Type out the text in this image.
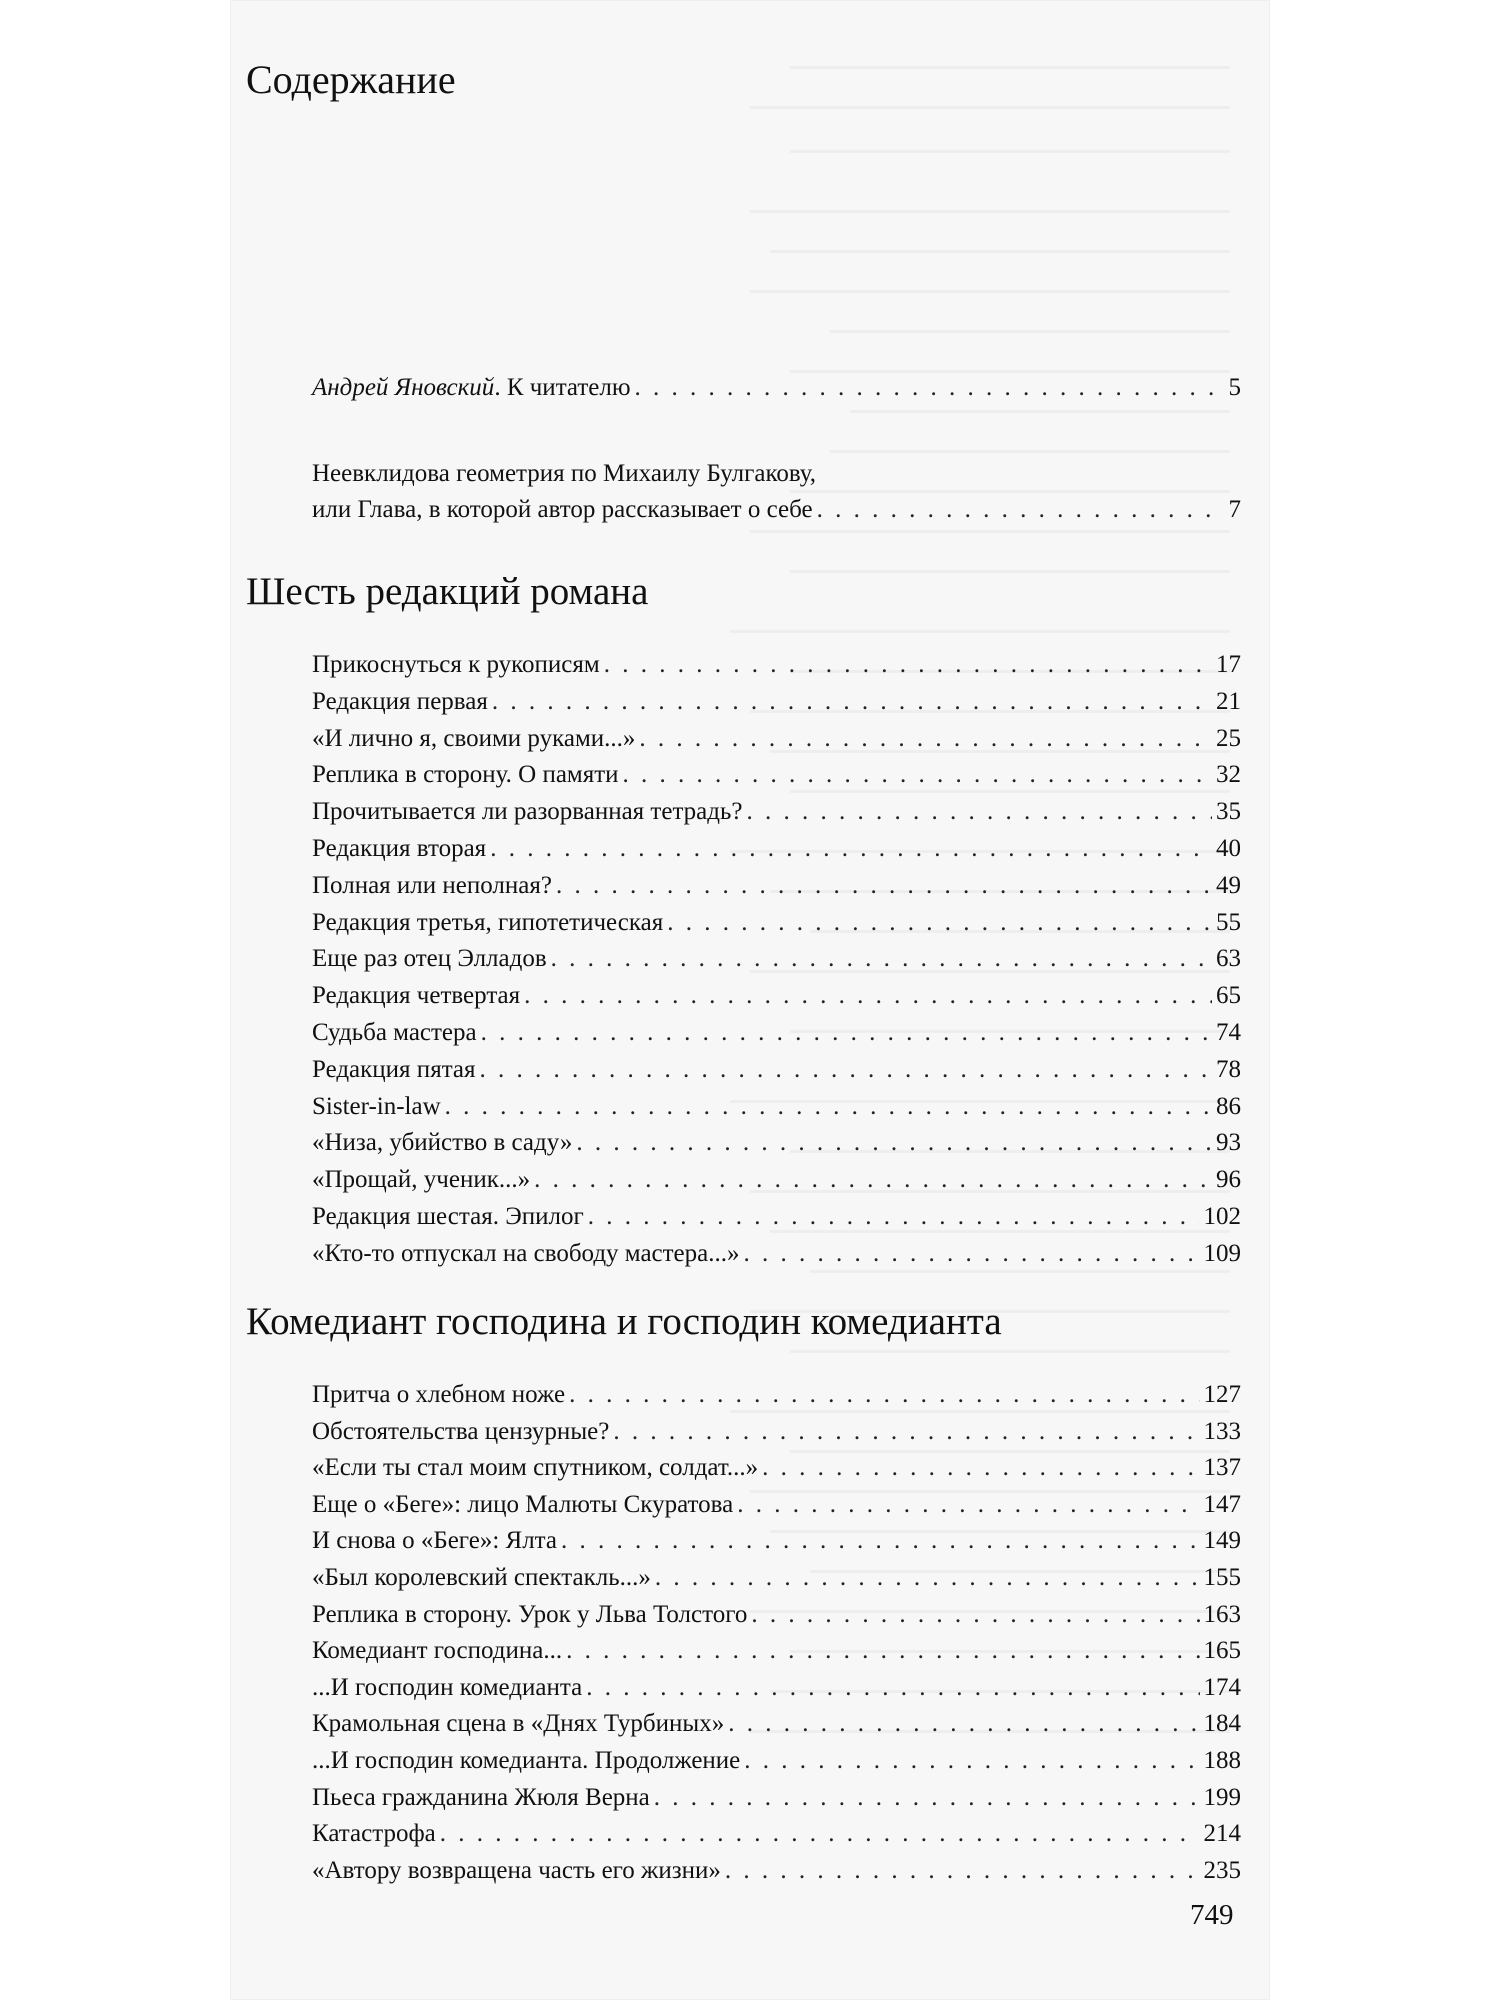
Содержание
Андрей Яновский. К читателю . . .	5
Неевклидова геометрия по Михаилу Булгакову,
или Глава, в которой автор рассказывает о себе . . .	7
Шесть редакций романа
Прикоснуться к рукописям . . .	17
Редакция первая . . .	21
«И лично я, своими руками...» . . .	25
Реплика в сторону. О памяти . . .	32
Прочитывается ли разорванная тетрадь? . . .	35
Редакция вторая . . .	40
Полная или неполная? . . .	49
Редакция третья, гипотетическая . . .	55
Еще раз отец Элладов . . .	63
Редакция четвертая . . .	65
Судьба мастера . . .	74
Редакция пятая . . .	78
Sister-in-law . . .	86
«Низа, убийство в саду» . . .	93
«Прощай, ученик...» . . .	96
Редакция шестая. Эпилог . . .	102
«Кто-то отпускал на свободу мастера...» . . .	109
Комедиант господина и господин комедианта
Притча о хлебном ноже . . .	127
Обстоятельства цензурные? . . .	133
«Если ты стал моим спутником, солдат...» . . .	137
Еще о «Беге»: лицо Малюты Скуратова . . .	147
И снова о «Беге»: Ялта . . .	149
«Был королевский спектакль...» . . .	155
Реплика в сторону. Урок у Льва Толстого . . .	163
Комедиант господина... . . .	165
...И господин комедианта . . .	174
Крамольная сцена в «Днях Турбиных» . . .	184
...И господин комедианта. Продолжение . . .	188
Пьеса гражданина Жюля Верна . . .	199
Катастрофа . . .	214
«Автору возвращена часть его жизни» . . .	235
749
